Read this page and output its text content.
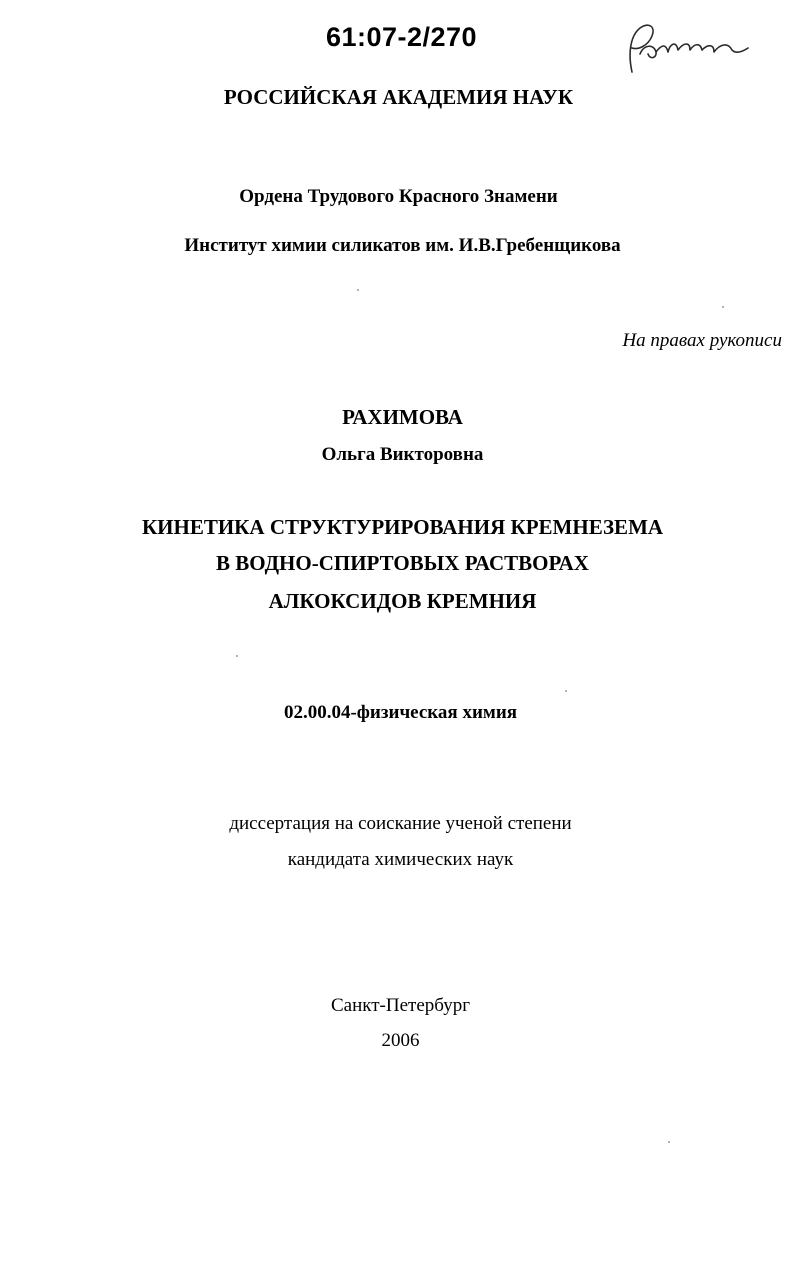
61:07-2/270
РОССИЙСКАЯ АКАДЕМИЯ НАУК
Ордена Трудового Красного Знамени
Институт химии силикатов им. И.В.Гребенщикова
На правах рукописи
РАХИМОВА
Ольга Викторовна
КИНЕТИКА СТРУКТУРИРОВАНИЯ КРЕМНЕЗЕМА
В ВОДНО-СПИРТОВЫХ РАСТВОРАХ
АЛКОКСИДОВ КРЕМНИЯ
02.00.04-физическая химия
диссертация на соискание ученой степени
кандидата химических наук
Санкт-Петербург
2006
